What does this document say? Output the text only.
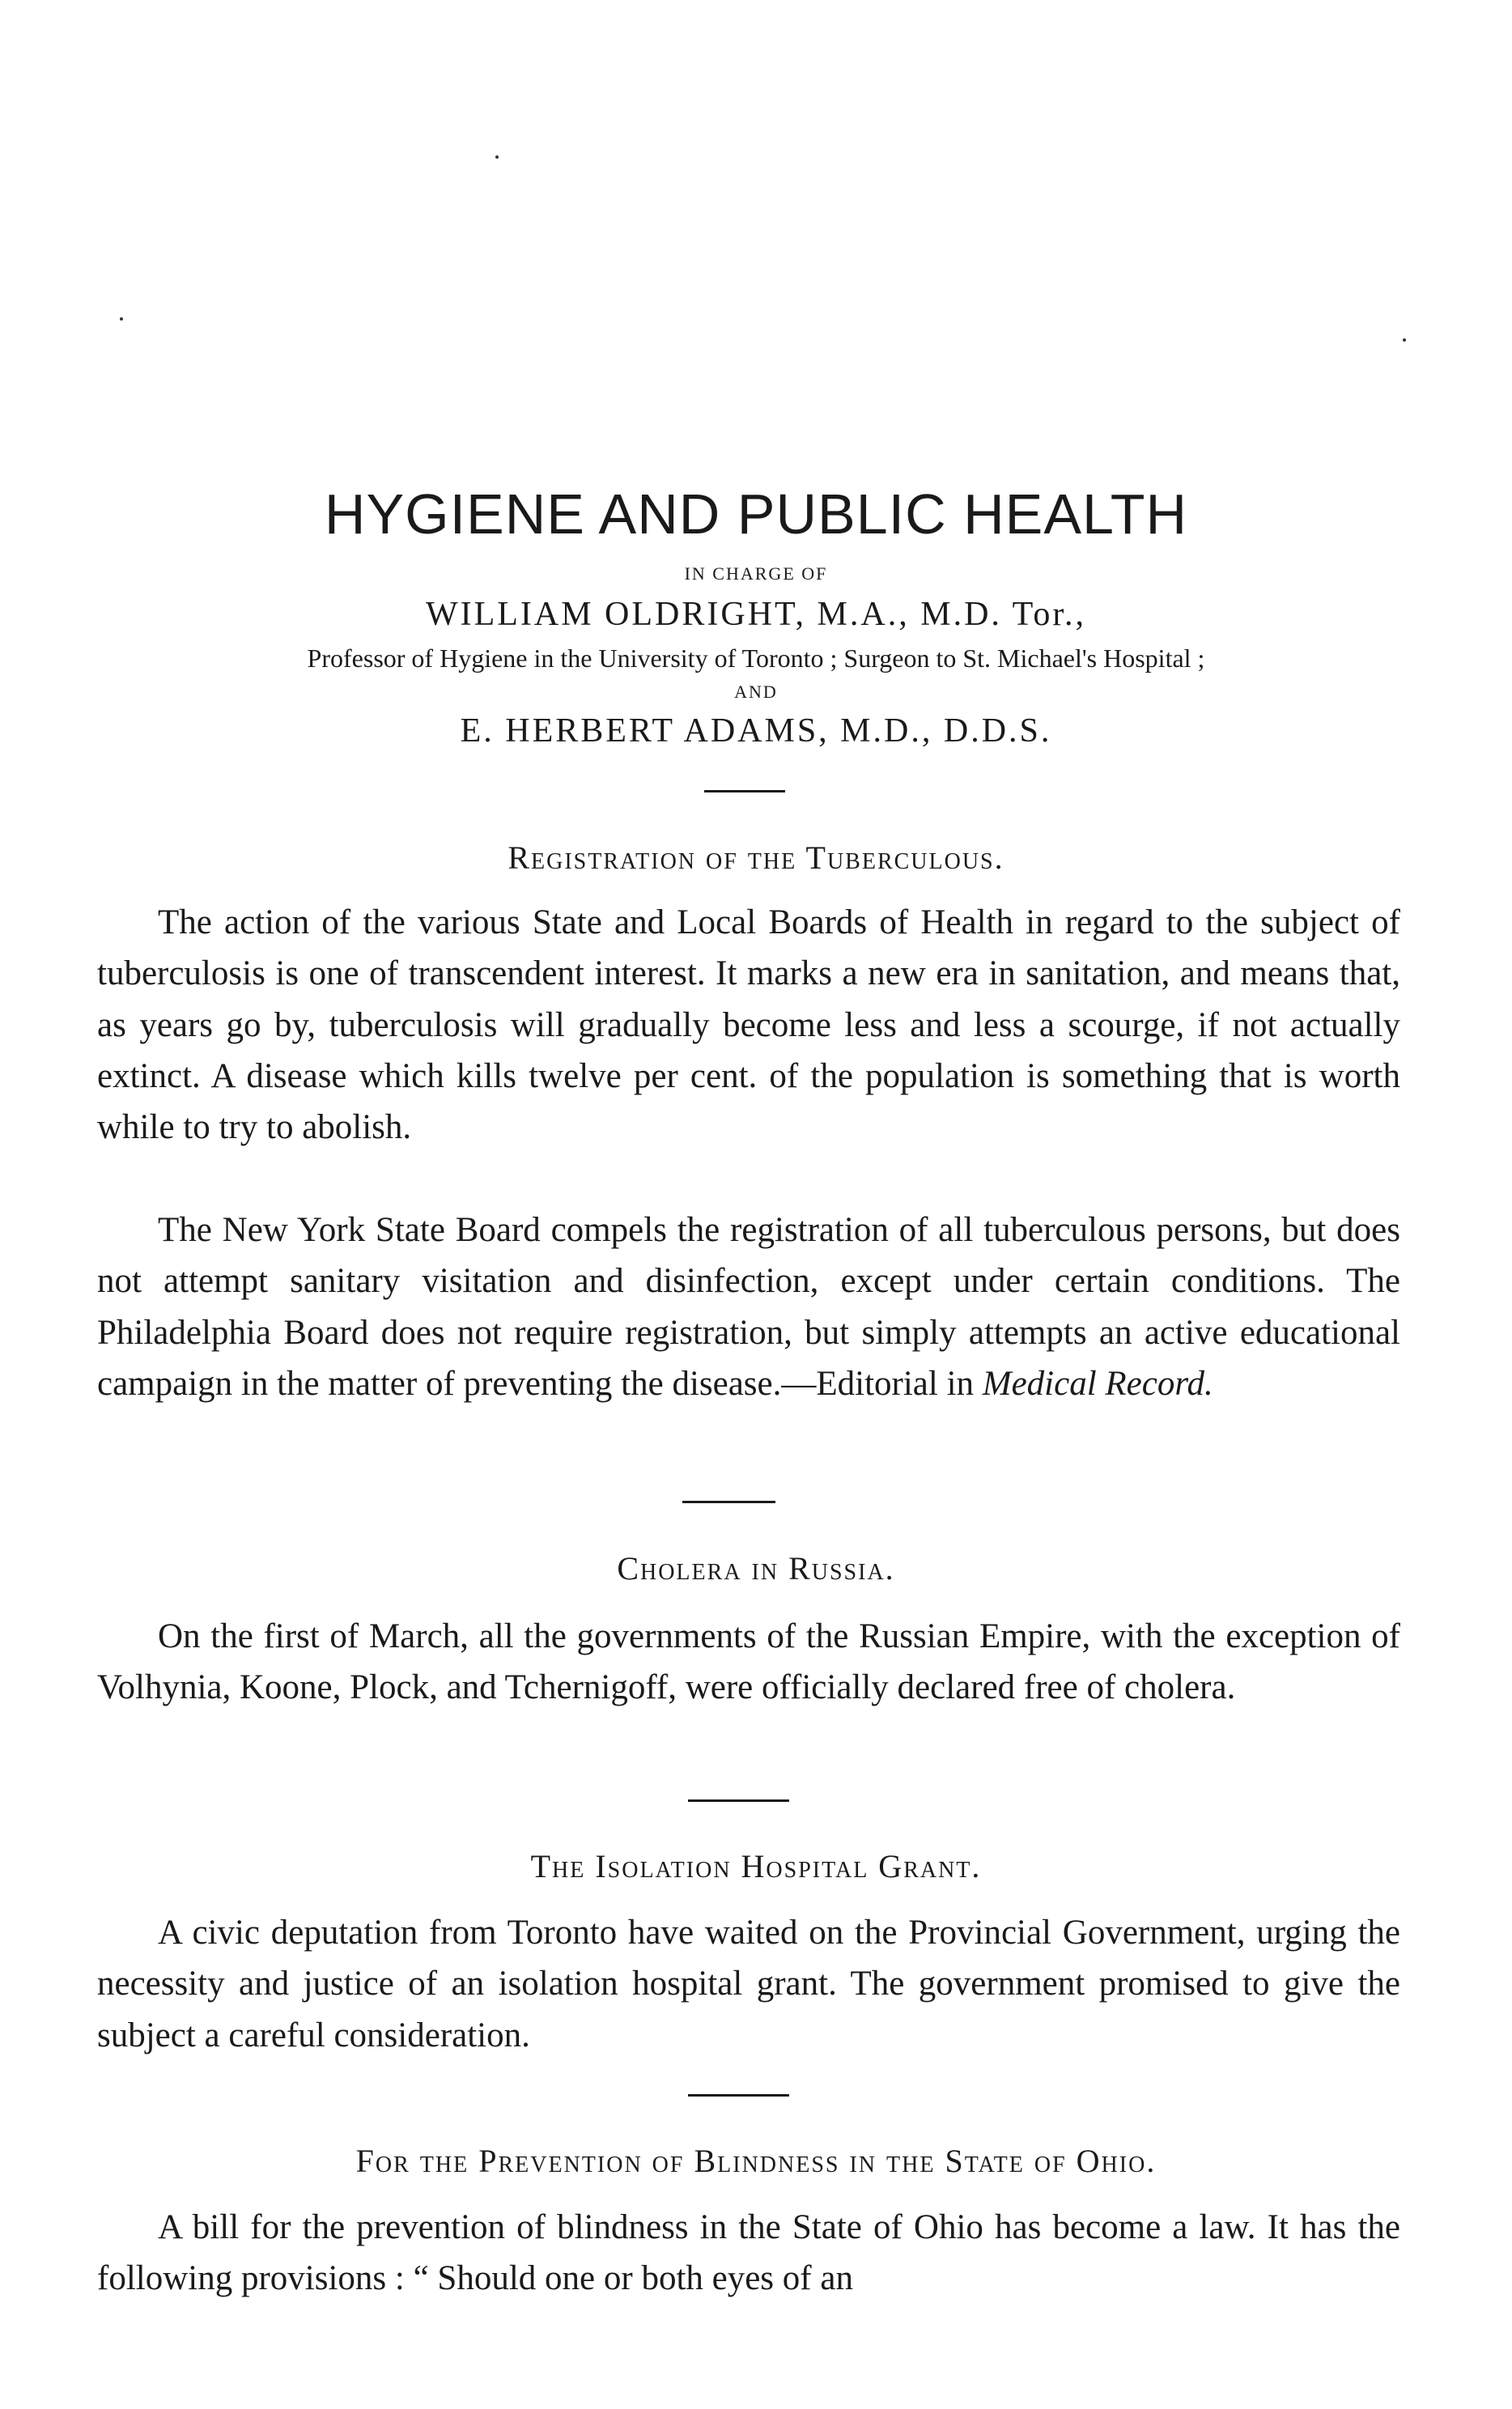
HYGIENE AND PUBLIC HEALTH
IN CHARGE OF
WILLIAM OLDRIGHT, M.A., M.D. Tor.,
Professor of Hygiene in the University of Toronto ; Surgeon to St. Michael's Hospital ;
AND
E. HERBERT ADAMS, M.D., D.D.S.
Registration of the Tuberculous.

The action of the various State and Local Boards of Health in regard to the subject of tuberculosis is one of transcendent interest. It marks a new era in sanitation, and means that, as years go by, tuberculosis will gradually become less and less a scourge, if not actually extinct. A disease which kills twelve per cent. of the population is something that is worth while to try to abolish.

The New York State Board compels the registration of all tuberculous persons, but does not attempt sanitary visitation and disinfection, except under certain conditions. The Philadelphia Board does not require registration, but simply attempts an active educational campaign in the matter of preventing the disease.—Editorial in Medical Record.

Cholera in Russia.

On the first of March, all the governments of the Russian Empire, with the exception of Volhynia, Koone, Plock, and Tchernigoff, were officially declared free of cholera.

The Isolation Hospital Grant.

A civic deputation from Toronto have waited on the Provincial Government, urging the necessity and justice of an isolation hospital grant. The government promised to give the subject a careful consideration.

For the Prevention of Blindness in the State of Ohio.

A bill for the prevention of blindness in the State of Ohio has become a law. It has the following provisions : “ Should one or both eyes of an
